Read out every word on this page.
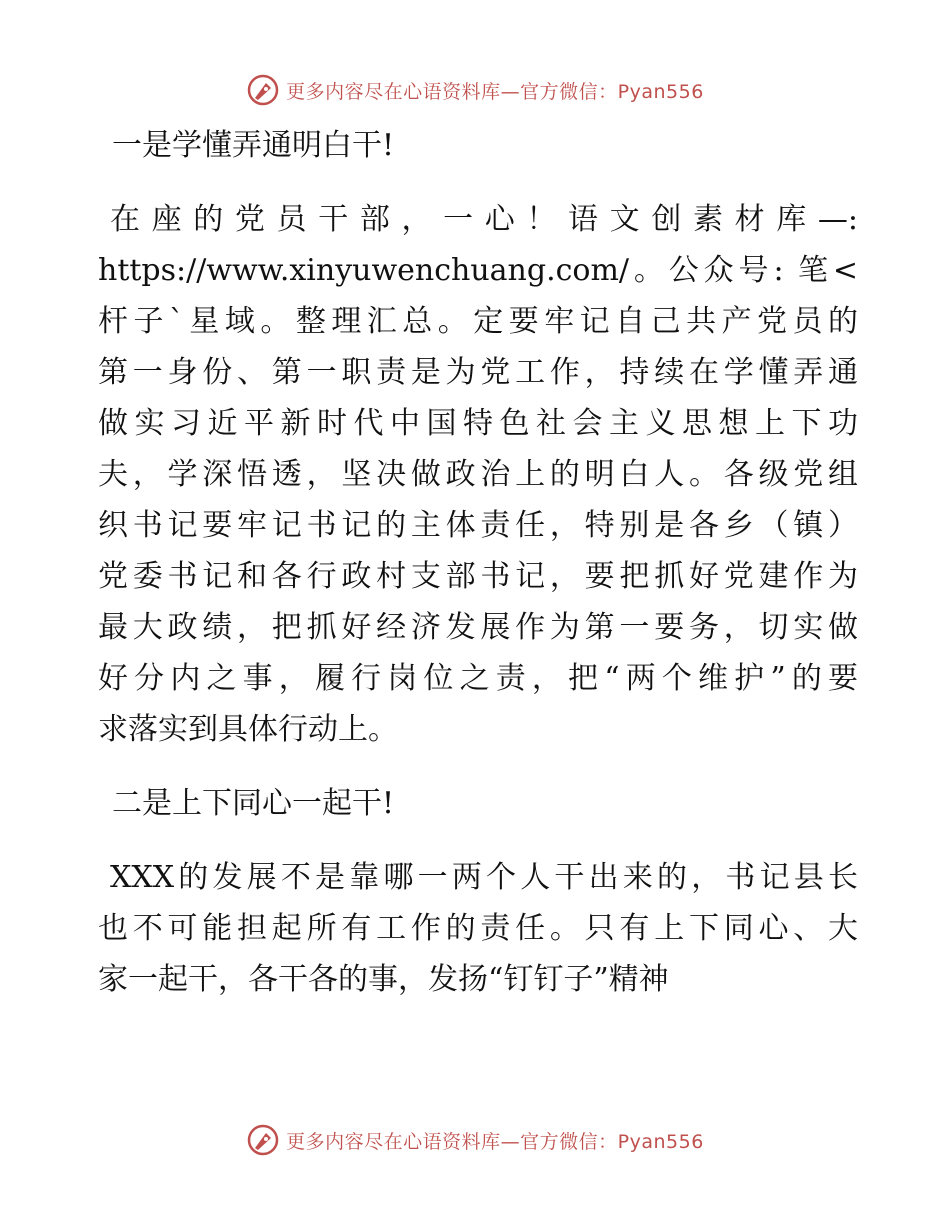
更多内容尽在心语资料库—官方微信：Pyan556
一是学懂弄通明白干!
在座的党员干部，一心！语文创素材库—:
https://www.xinyuwenchuang.com/。公众号: 笔<
杆子`星域。整理汇总。定要牢记自己共产党员的
第一身份、第一职责是为党工作，持续在学懂弄通
做实习近平新时代中国特色社会主义思想上下功
夫，学深悟透，坚决做政治上的明白人。各级党组
织书记要牢记书记的主体责任，特别是各乡（镇）
党委书记和各行政村支部书记，要把抓好党建作为
最大政绩，把抓好经济发展作为第一要务，切实做
好分内之事，履行岗位之责，把“两个维护”的要
求落实到具体行动上。
二是上下同心一起干!
XXX的发展不是靠哪一两个人干出来的，书记县长
也不可能担起所有工作的责任。只有上下同心、大
家一起干，各干各的事，发扬“钉钉子”精神
更多内容尽在心语资料库—官方微信：Pyan556
